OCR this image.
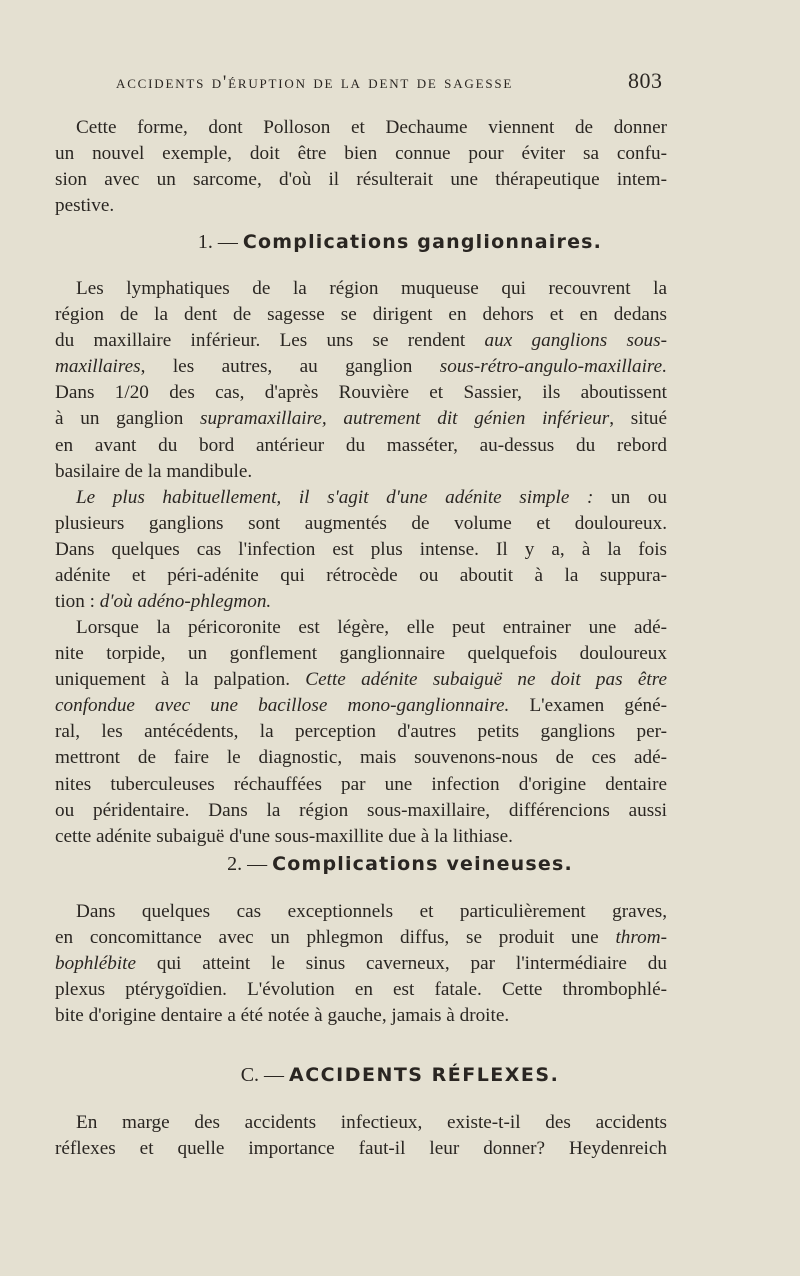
accidents d'éruption de la dent de sagesse	803
Cette forme, dont Polloson et Dechaume viennent de donner
un nouvel exemple, doit être bien connue pour éviter sa confu-
sion avec un sarcome, d'où il résulterait une thérapeutique intem-
pestive.
1. — Complications ganglionnaires.
Les lymphatiques de la région muqueuse qui recouvrent la
région de la dent de sagesse se dirigent en dehors et en dedans
du maxillaire inférieur. Les uns se rendent aux ganglions sous-
maxillaires, les autres, au ganglion sous-rétro-angulo-maxillaire.
Dans 1/20 des cas, d'après Rouvière et Sassier, ils aboutissent
à un ganglion supramaxillaire, autrement dit génien inférieur, situé
en avant du bord antérieur du masséter, au-dessus du rebord
basilaire de la mandibule.
Le plus habituellement, il s'agit d'une adénite simple : un ou
plusieurs ganglions sont augmentés de volume et douloureux.
Dans quelques cas l'infection est plus intense. Il y a, à la fois
adénite et péri-adénite qui rétrocède ou aboutit à la suppura-
tion : d'où adéno-phlegmon.
Lorsque la péricoronite est légère, elle peut entrainer une adé-
nite torpide, un gonflement ganglionnaire quelquefois douloureux
uniquement à la palpation. Cette adénite subaiguë ne doit pas être
confondue avec une bacillose mono-ganglionnaire. L'examen géné-
ral, les antécédents, la perception d'autres petits ganglions per-
mettront de faire le diagnostic, mais souvenons-nous de ces adé-
nites tuberculeuses réchauffées par une infection d'origine dentaire
ou péridentaire. Dans la région sous-maxillaire, différencions aussi
cette adénite subaiguë d'une sous-maxillite due à la lithiase.
2. — Complications veineuses.
Dans quelques cas exceptionnels et particulièrement graves,
en concomittance avec un phlegmon diffus, se produit une throm-
bophlébite qui atteint le sinus caverneux, par l'intermédiaire du
plexus ptérygoïdien. L'évolution en est fatale. Cette thrombophlé-
bite d'origine dentaire a été notée à gauche, jamais à droite.
C. — ACCIDENTS RÉFLEXES.
En marge des accidents infectieux, existe-t-il des accidents
réflexes et quelle importance faut-il leur donner? Heydenreich
